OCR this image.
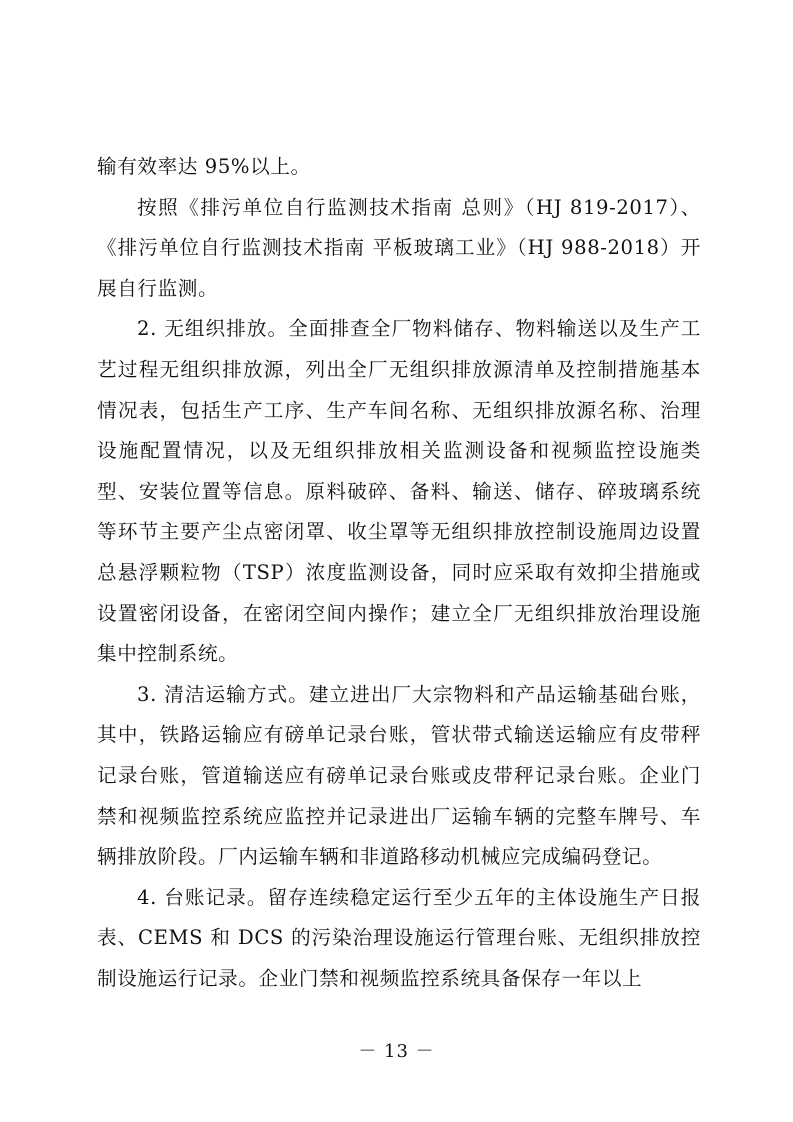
输有效率达 95%以上。

按照《排污单位自行监测技术指南 总则》（HJ 819-2017）、《排污单位自行监测技术指南 平板玻璃工业》（HJ 988-2018）开展自行监测。

2. 无组织排放。全面排查全厂物料储存、物料输送以及生产工艺过程无组织排放源，列出全厂无组织排放源清单及控制措施基本情况表，包括生产工序、生产车间名称、无组织排放源名称、治理设施配置情况，以及无组织排放相关监测设备和视频监控设施类型、安装位置等信息。原料破碎、备料、输送、储存、碎玻璃系统等环节主要产尘点密闭罩、收尘罩等无组织排放控制设施周边设置总悬浮颗粒物（TSP）浓度监测设备，同时应采取有效抑尘措施或设置密闭设备，在密闭空间内操作；建立全厂无组织排放治理设施集中控制系统。

3. 清洁运输方式。建立进出厂大宗物料和产品运输基础台账，其中，铁路运输应有磅单记录台账，管状带式输送运输应有皮带秤记录台账，管道输送应有磅单记录台账或皮带秤记录台账。企业门禁和视频监控系统应监控并记录进出厂运输车辆的完整车牌号、车辆排放阶段。厂内运输车辆和非道路移动机械应完成编码登记。

4. 台账记录。留存连续稳定运行至少五年的主体设施生产日报表、CEMS 和 DCS 的污染治理设施运行管理台账、无组织排放控制设施运行记录。企业门禁和视频监控系统具备保存一年以上

－ 13 －
